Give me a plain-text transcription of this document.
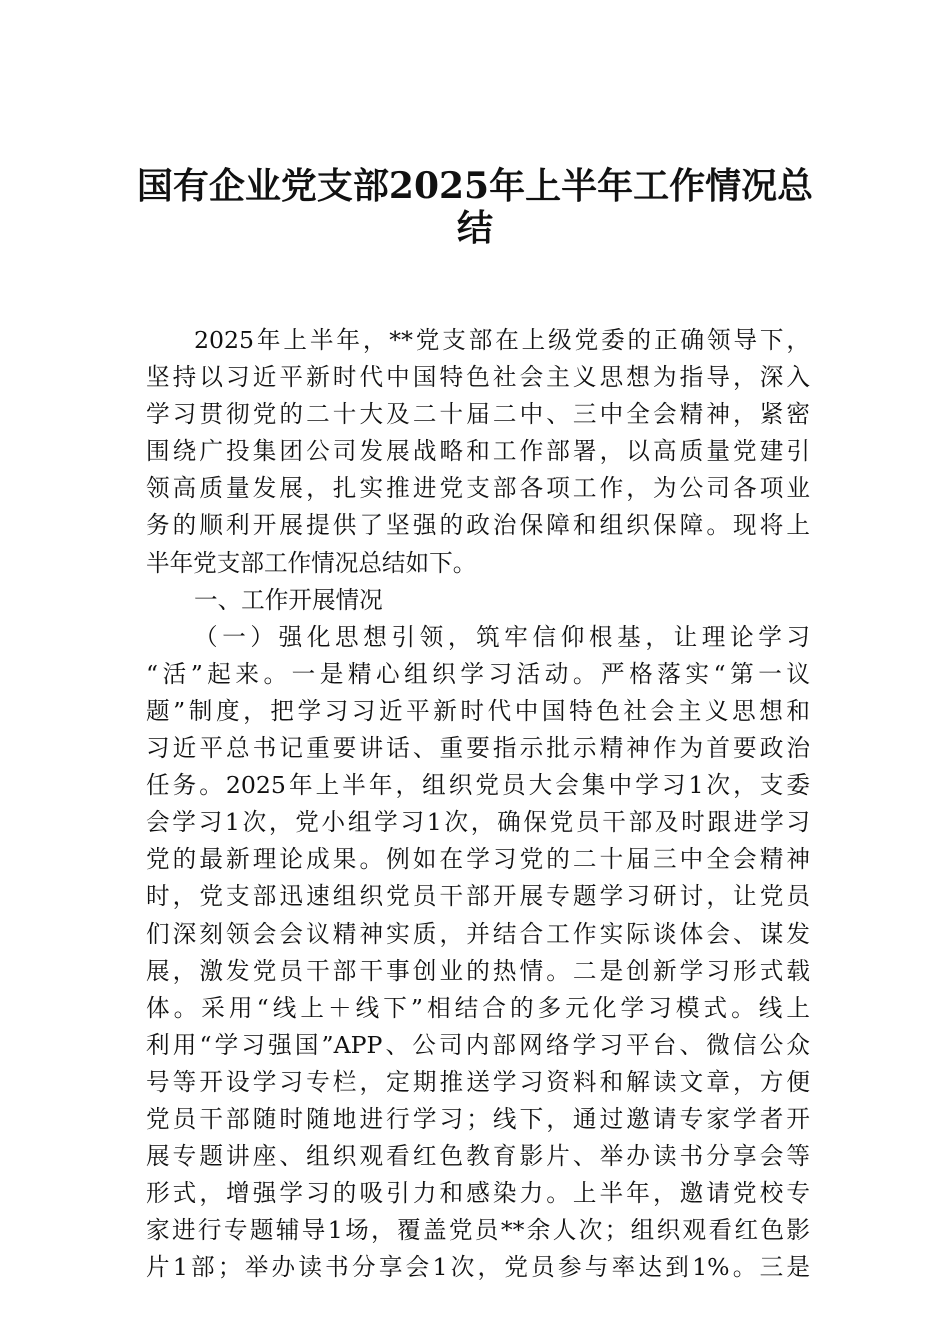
国有企业党支部2025年上半年工作情况总
结
2025年上半年，**党支部在上级党委的正确领导下，
坚持以习近平新时代中国特色社会主义思想为指导，深入
学习贯彻党的二十大及二十届二中、三中全会精神，紧密
围绕广投集团公司发展战略和工作部署，以高质量党建引
领高质量发展，扎实推进党支部各项工作，为公司各项业
务的顺利开展提供了坚强的政治保障和组织保障。现将上
半年党支部工作情况总结如下。
一、工作开展情况
（一）强化思想引领，筑牢信仰根基，让理论学习
“活”起来。一是精心组织学习活动。严格落实“第一议
题”制度，把学习习近平新时代中国特色社会主义思想和
习近平总书记重要讲话、重要指示批示精神作为首要政治
任务。2025年上半年，组织党员大会集中学习1次，支委
会学习1次，党小组学习1次，确保党员干部及时跟进学习
党的最新理论成果。例如在学习党的二十届三中全会精神
时，党支部迅速组织党员干部开展专题学习研讨，让党员
们深刻领会会议精神实质，并结合工作实际谈体会、谋发
展，激发党员干部干事创业的热情。二是创新学习形式载
体。采用“线上＋线下”相结合的多元化学习模式。线上
利用“学习强国”APP、公司内部网络学习平台、微信公众
号等开设学习专栏，定期推送学习资料和解读文章，方便
党员干部随时随地进行学习；线下，通过邀请专家学者开
展专题讲座、组织观看红色教育影片、举办读书分享会等
形式，增强学习的吸引力和感染力。上半年，邀请党校专
家进行专题辅导1场，覆盖党员**余人次；组织观看红色影
片1部；举办读书分享会1次，党员参与率达到1%。三是
